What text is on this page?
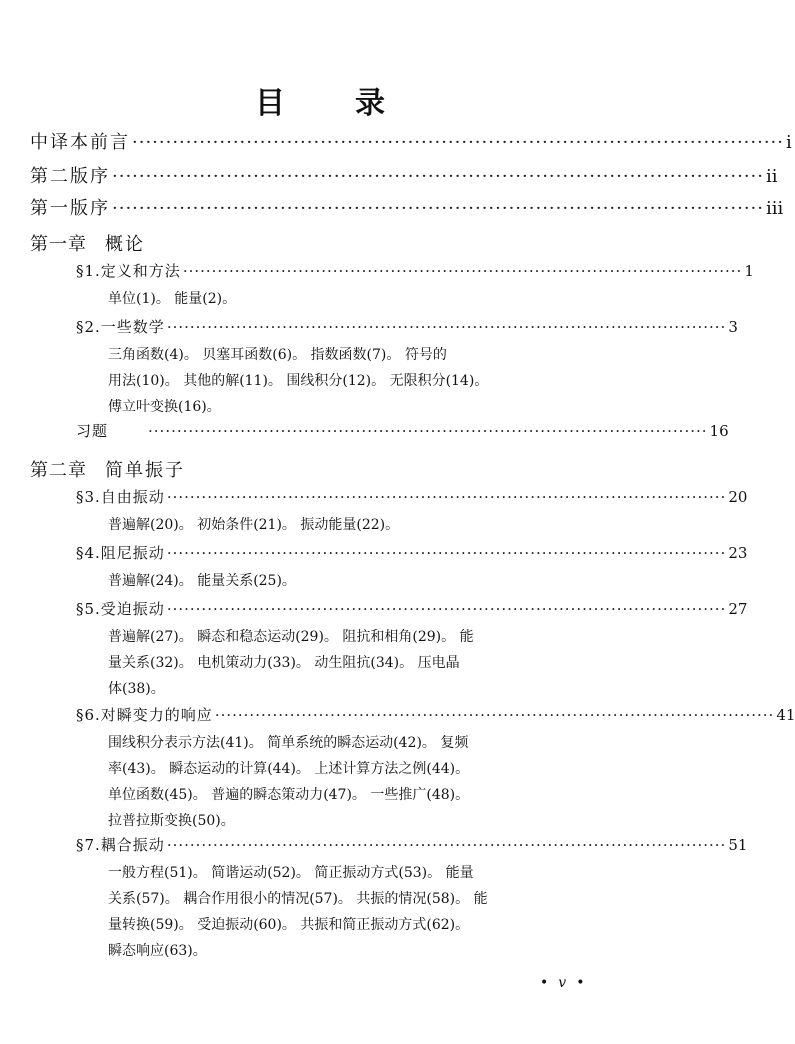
目 录
中译本前言 ································································································· i
第二版序 ································································································· ii
第一版序 ································································································· iii
第一章 概论
§1.定义和方法 ································································································· 1
单位(1)。 能量(2)。
§2.一些数学 ································································································· 3
三角函数(4)。 贝塞耳函数(6)。 指数函数(7)。 符号的
用法(10)。 其他的解(11)。 围线积分(12)。 无限积分(14)。
傅立叶变换(16)。
习题	································································································· 16
第二章 简单振子
§3.自由振动 ································································································· 20
普遍解(20)。 初始条件(21)。 振动能量(22)。
§4.阻尼振动 ································································································· 23
普遍解(24)。 能量关系(25)。
§5.受迫振动 ································································································· 27
普遍解(27)。 瞬态和稳态运动(29)。 阻抗和相角(29)。 能
量关系(32)。 电机策动力(33)。 动生阻抗(34)。 压电晶
体(38)。
§6.对瞬变力的响应 ································································································· 41
围线积分表示方法(41)。 简单系统的瞬态运动(42)。 复频
率(43)。 瞬态运动的计算(44)。 上述计算方法之例(44)。
单位函数(45)。 普遍的瞬态策动力(47)。 一些推广(48)。
拉普拉斯变换(50)。
§7.耦合振动 ································································································· 51
一般方程(51)。 简谐运动(52)。 简正振动方式(53)。 能量
关系(57)。 耦合作用很小的情况(57)。 共振的情况(58)。 能
量转换(59)。 受迫振动(60)。 共振和简正振动方式(62)。
瞬态响应(63)。
•v•
